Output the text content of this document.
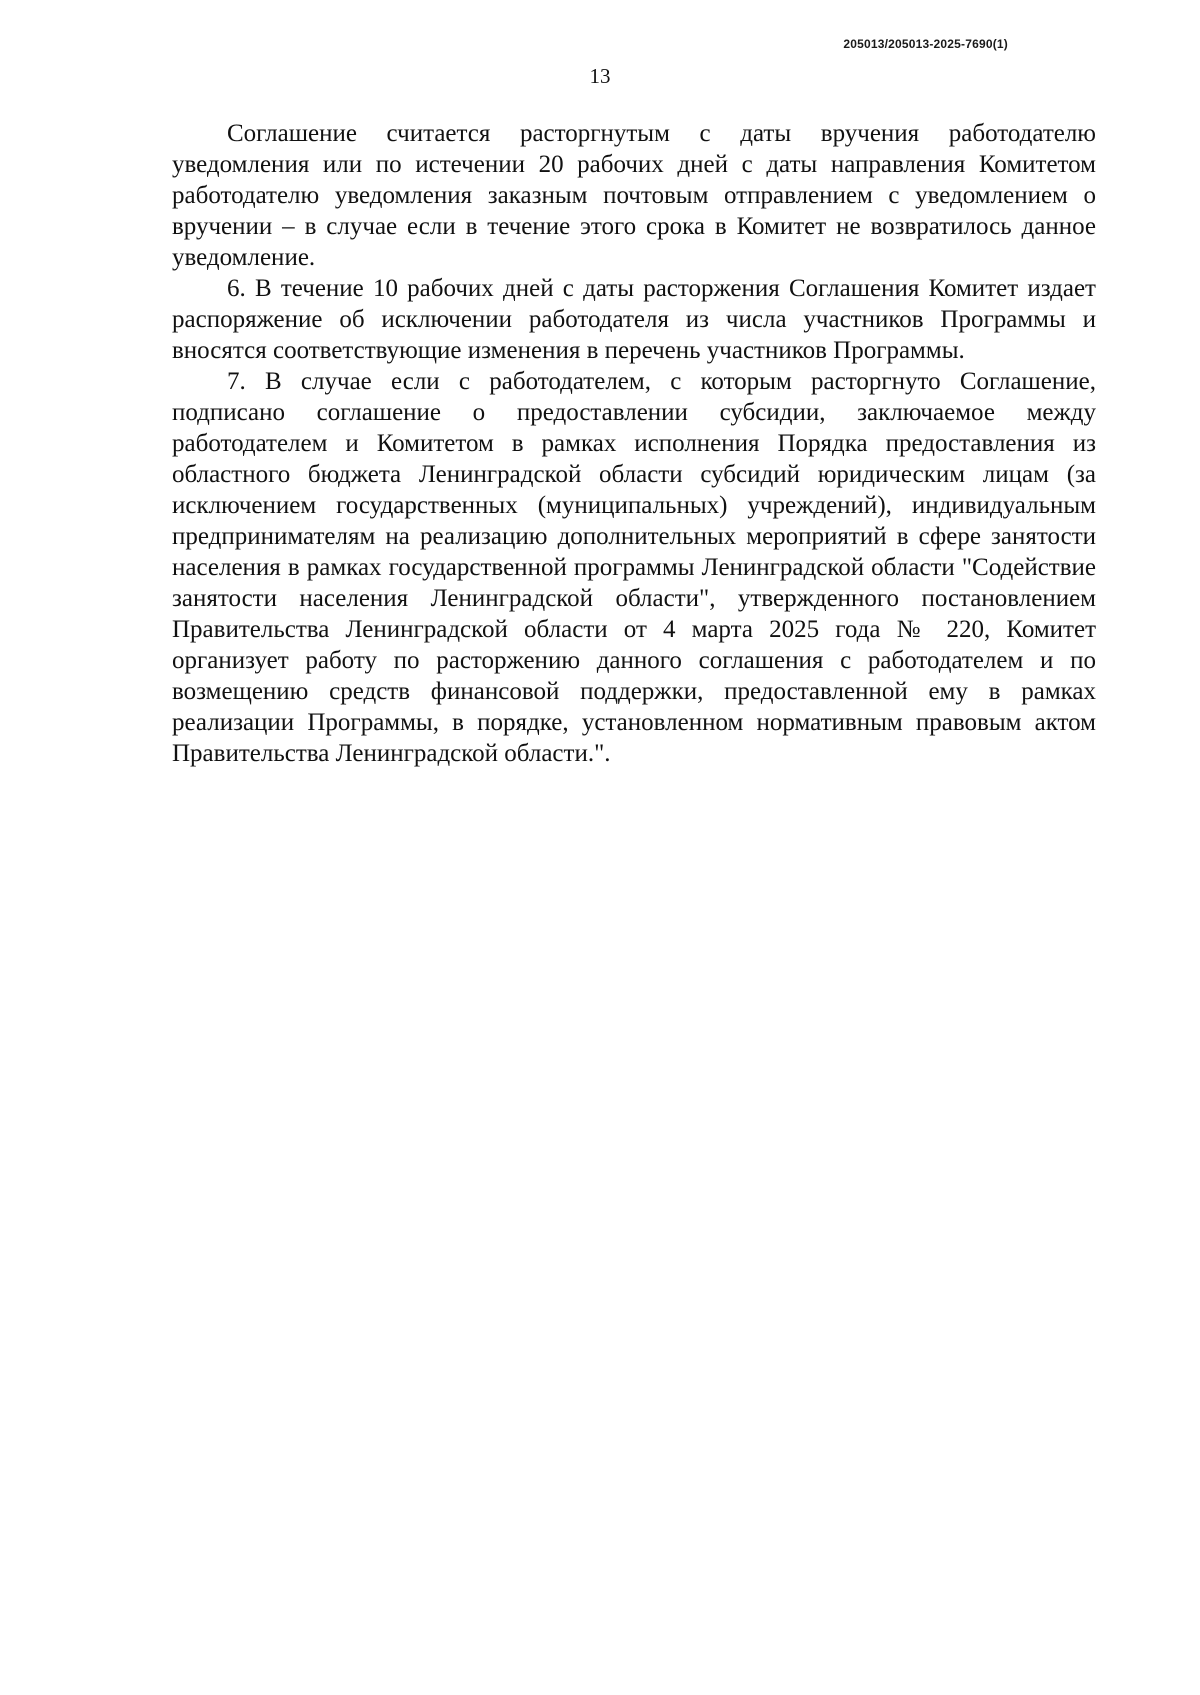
205013/205013-2025-7690(1)
13

Соглашение считается расторгнутым с даты вручения работодателю уведомления или по истечении 20 рабочих дней с даты направления Комитетом работодателю уведомления заказным почтовым отправлением с уведомлением о вручении – в случае если в течение этого срока в Комитет не возвратилось данное уведомление.

6. В течение 10 рабочих дней с даты расторжения Соглашения Комитет издает распоряжение об исключении работодателя из числа участников Программы и вносятся соответствующие изменения в перечень участников Программы.

7. В случае если с работодателем, с которым расторгнуто Соглашение, подписано соглашение о предоставлении субсидии, заключаемое между работодателем и Комитетом в рамках исполнения Порядка предоставления из областного бюджета Ленинградской области субсидий юридическим лицам (за исключением государственных (муниципальных) учреждений), индивидуальным предпринимателям на реализацию дополнительных мероприятий в сфере занятости населения в рамках государственной программы Ленинградской области "Содействие занятости населения Ленинградской области", утвержденного постановлением Правительства Ленинградской области от 4 марта 2025 года № 220, Комитет организует работу по расторжению данного соглашения с работодателем и по возмещению средств финансовой поддержки, предоставленной ему в рамках реализации Программы, в порядке, установленном нормативным правовым актом Правительства Ленинградской области.".
